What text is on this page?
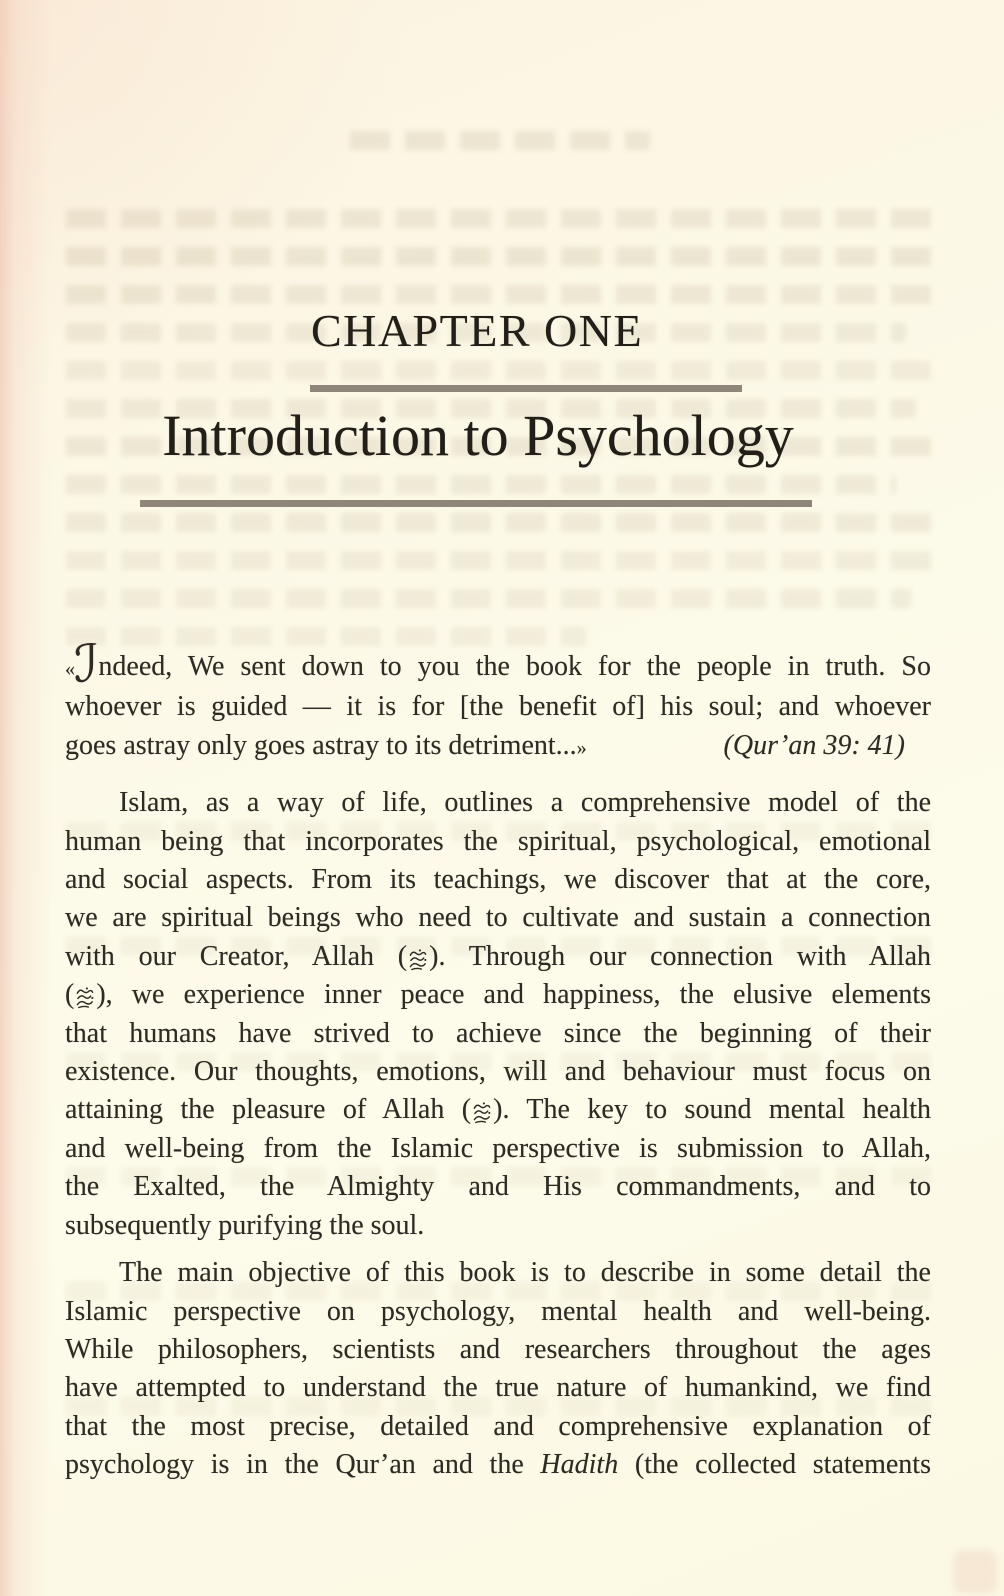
CHAPTER ONE
Introduction to Psychology
«ℐndeed, We sent down to you the book for the people in truth. So
whoever is guided — it is for [the benefit of] his soul; and whoever
goes astray only goes astray to its detriment...»	(Qur’an 39: 41)
Islam, as a way of life, outlines a comprehensive model of the
human being that incorporates the spiritual, psychological, emotional
and social aspects. From its teachings, we discover that at the core,
we are spiritual beings who need to cultivate and sustain a connection
with our Creator, Allah ( ). Through our connection with Allah
( ), we experience inner peace and happiness, the elusive elements
that humans have strived to achieve since the beginning of their
existence. Our thoughts, emotions, will and behaviour must focus on
attaining the pleasure of Allah ( ). The key to sound mental health
and well-being from the Islamic perspective is submission to Allah,
the Exalted, the Almighty and His commandments, and to
subsequently purifying the soul.
The main objective of this book is to describe in some detail the
Islamic perspective on psychology, mental health and well-being.
While philosophers, scientists and researchers throughout the ages
have attempted to understand the true nature of humankind, we find
that the most precise, detailed and comprehensive explanation of
psychology is in the Qur’an and the Hadith (the collected statements
